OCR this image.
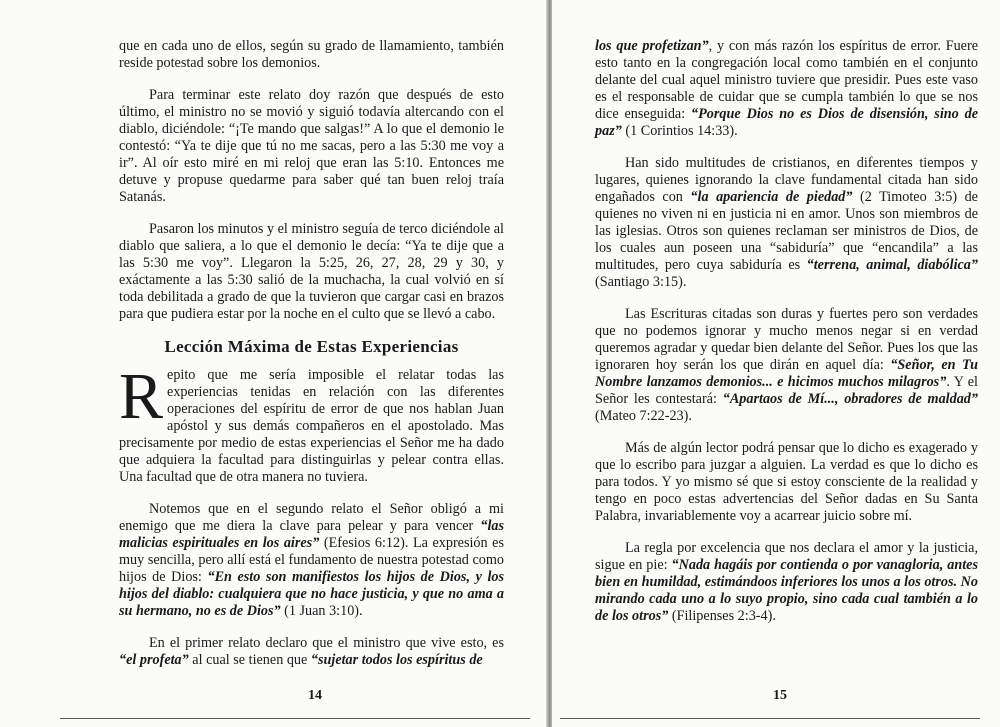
que en cada uno de ellos, según su grado de llamamiento, también reside potestad sobre los demonios.

Para terminar este relato doy razón que después de esto último, el ministro no se movió y siguió todavía altercando con el diablo, diciéndole: “¡Te mando que salgas!” A lo que el demonio le contestó: “Ya te dije que tú no me sacas, pero a las 5:30 me voy a ir”. Al oír esto miré en mi reloj que eran las 5:10. Entonces me detuve y propuse quedarme para saber qué tan buen reloj traía Satanás.

Pasaron los minutos y el ministro seguía de terco diciéndole al diablo que saliera, a lo que el demonio le decía: “Ya te dije que a las 5:30 me voy”. Llegaron la 5:25, 26, 27, 28, 29 y 30, y exáctamente a las 5:30 salió de la muchacha, la cual volvió en sí toda debilitada a grado de que la tuvieron que cargar casi en brazos para que pudiera estar por la noche en el culto que se llevó a cabo.

Lección Máxima de Estas Experiencias

Repito que me sería imposible el relatar todas las experiencias tenidas en relación con las diferentes operaciones del espíritu de error de que nos hablan Juan apóstol y sus demás compañeros en el apostolado. Mas precisamente por medio de estas experiencias el Señor me ha dado que adquiera la facultad para distinguirlas y pelear contra ellas. Una facultad que de otra manera no tuviera.

Notemos que en el segundo relato el Señor obligó a mi enemigo que me diera la clave para pelear y para vencer “las malicias espirituales en los aires” (Efesios 6:12). La expresión es muy sencilla, pero allí está el fundamento de nuestra potestad como hijos de Dios: “En esto son manifiestos los hijos de Dios, y los hijos del diablo: cualquiera que no hace justicia, y que no ama a su hermano, no es de Dios” (1 Juan 3:10).

En el primer relato declaro que el ministro que vive esto, es “el profeta” al cual se tienen que “sujetar todos los espíritus de

14

los que profetizan”, y con más razón los espíritus de error. Fuere esto tanto en la congregación local como también en el conjunto delante del cual aquel ministro tuviere que presidir. Pues este vaso es el responsable de cuidar que se cumpla también lo que se nos dice enseguida: “Porque Dios no es Dios de disensión, sino de paz” (1 Corintios 14:33).

Han sido multitudes de cristianos, en diferentes tiempos y lugares, quienes ignorando la clave fundamental citada han sido engañados con “la apariencia de piedad” (2 Timoteo 3:5) de quienes no viven ni en justicia ni en amor. Unos son miembros de las iglesias. Otros son quienes reclaman ser ministros de Dios, de los cuales aun poseen una “sabiduría” que “encandila” a las multitudes, pero cuya sabiduría es “terrena, animal, diabólica” (Santiago 3:15).

Las Escrituras citadas son duras y fuertes pero son verdades que no podemos ignorar y mucho menos negar si en verdad queremos agradar y quedar bien delante del Señor. Pues los que las ignoraren hoy serán los que dirán en aquel día: “Señor, en Tu Nombre lanzamos demonios... e hicimos muchos milagros”. Y el Señor les contestará: “Apartaos de Mí..., obradores de maldad” (Mateo 7:22-23).

Más de algún lector podrá pensar que lo dicho es exagerado y que lo escribo para juzgar a alguien. La verdad es que lo dicho es para todos. Y yo mismo sé que si estoy consciente de la realidad y tengo en poco estas advertencias del Señor dadas en Su Santa Palabra, invariablemente voy a acarrear juicio sobre mí.

La regla por excelencia que nos declara el amor y la justicia, sigue en pie: “Nada hagáis por contienda o por vanagloria, antes bien en humildad, estimándoos inferiores los unos a los otros. No mirando cada uno a lo suyo propio, sino cada cual también a lo de los otros” (Filipenses 2:3-4).

15
